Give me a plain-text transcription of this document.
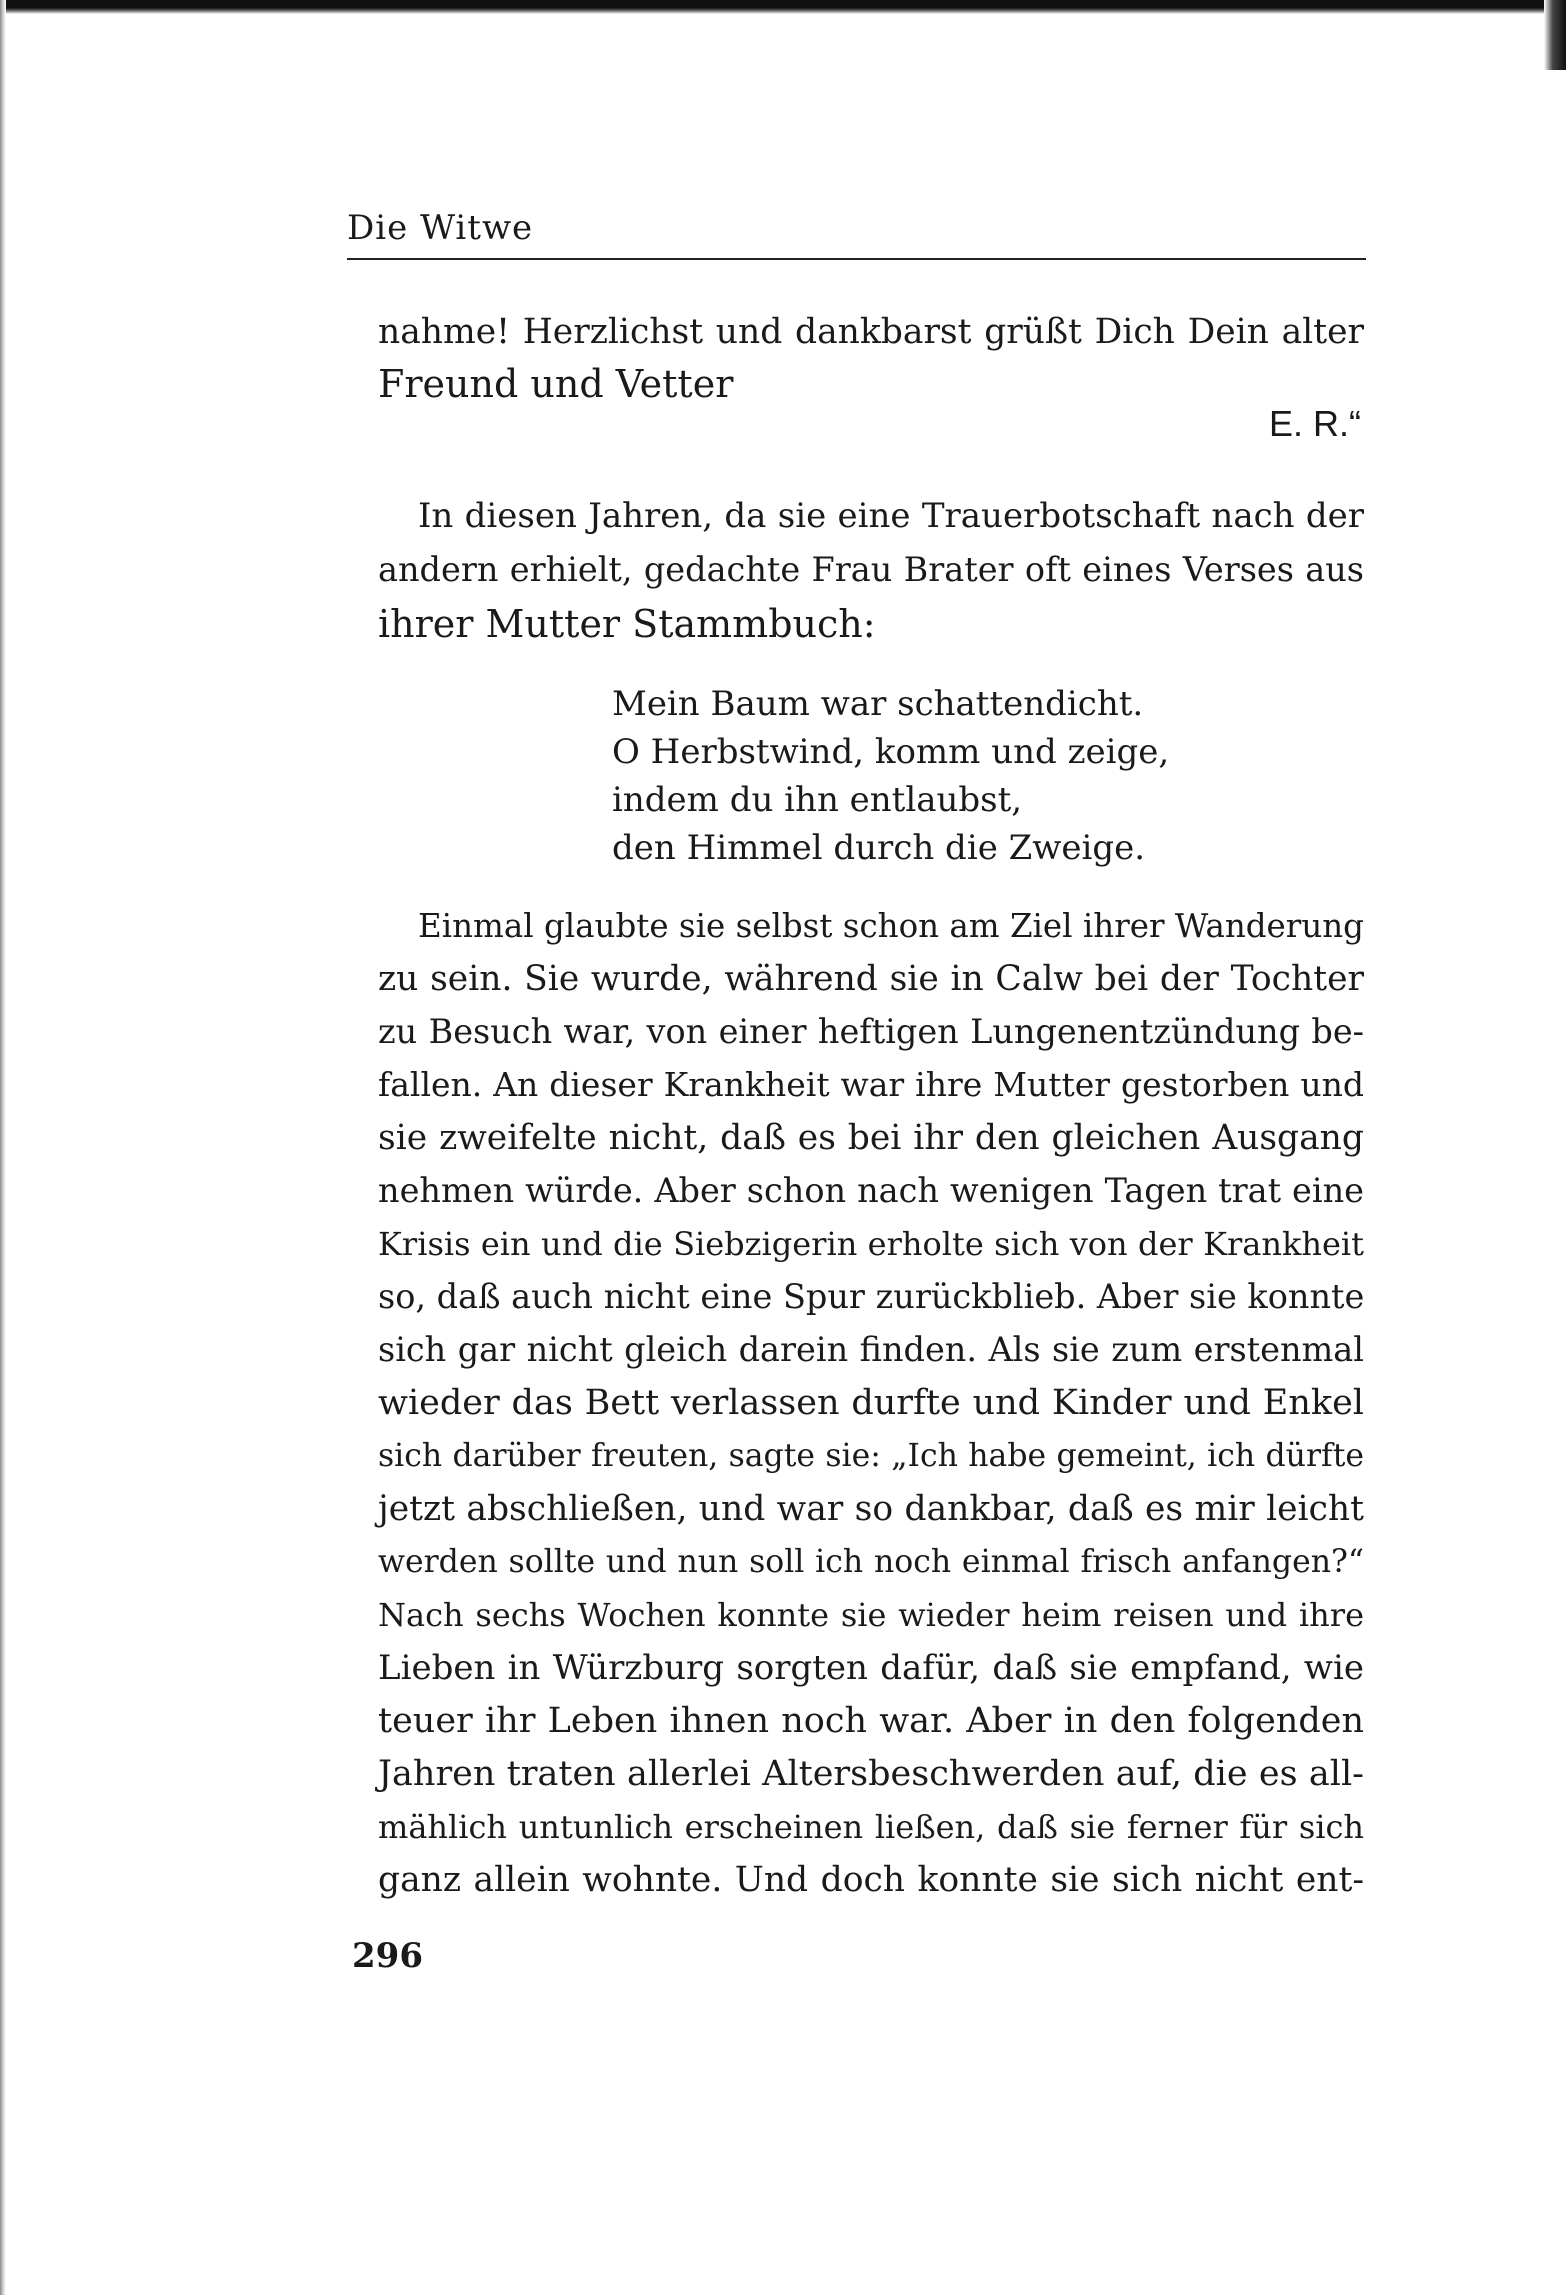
Die Witwe
nahme! Herzlichst und dankbarst grüßt Dich Dein alter
Freund und Vetter
E. R.“
In diesen Jahren, da sie eine Trauerbotschaft nach der
andern erhielt, gedachte Frau Brater oft eines Verses aus
ihrer Mutter Stammbuch:
Mein Baum war schattendicht.
O Herbstwind, komm und zeige,
indem du ihn entlaubst,
den Himmel durch die Zweige.
Einmal glaubte sie selbst schon am Ziel ihrer Wanderung
zu sein. Sie wurde, während sie in Calw bei der Tochter
zu Besuch war, von einer heftigen Lungenentzündung be-
fallen. An dieser Krankheit war ihre Mutter gestorben und
sie zweifelte nicht, daß es bei ihr den gleichen Ausgang
nehmen würde. Aber schon nach wenigen Tagen trat eine
Krisis ein und die Siebzigerin erholte sich von der Krankheit
so, daß auch nicht eine Spur zurückblieb. Aber sie konnte
sich gar nicht gleich darein finden. Als sie zum erstenmal
wieder das Bett verlassen durfte und Kinder und Enkel
sich darüber freuten, sagte sie: „Ich habe gemeint, ich dürfte
jetzt abschließen, und war so dankbar, daß es mir leicht
werden sollte und nun soll ich noch einmal frisch anfangen?“
Nach sechs Wochen konnte sie wieder heim reisen und ihre
Lieben in Würzburg sorgten dafür, daß sie empfand, wie
teuer ihr Leben ihnen noch war. Aber in den folgenden
Jahren traten allerlei Altersbeschwerden auf, die es all-
mählich untunlich erscheinen ließen, daß sie ferner für sich
ganz allein wohnte. Und doch konnte sie sich nicht ent-
296
